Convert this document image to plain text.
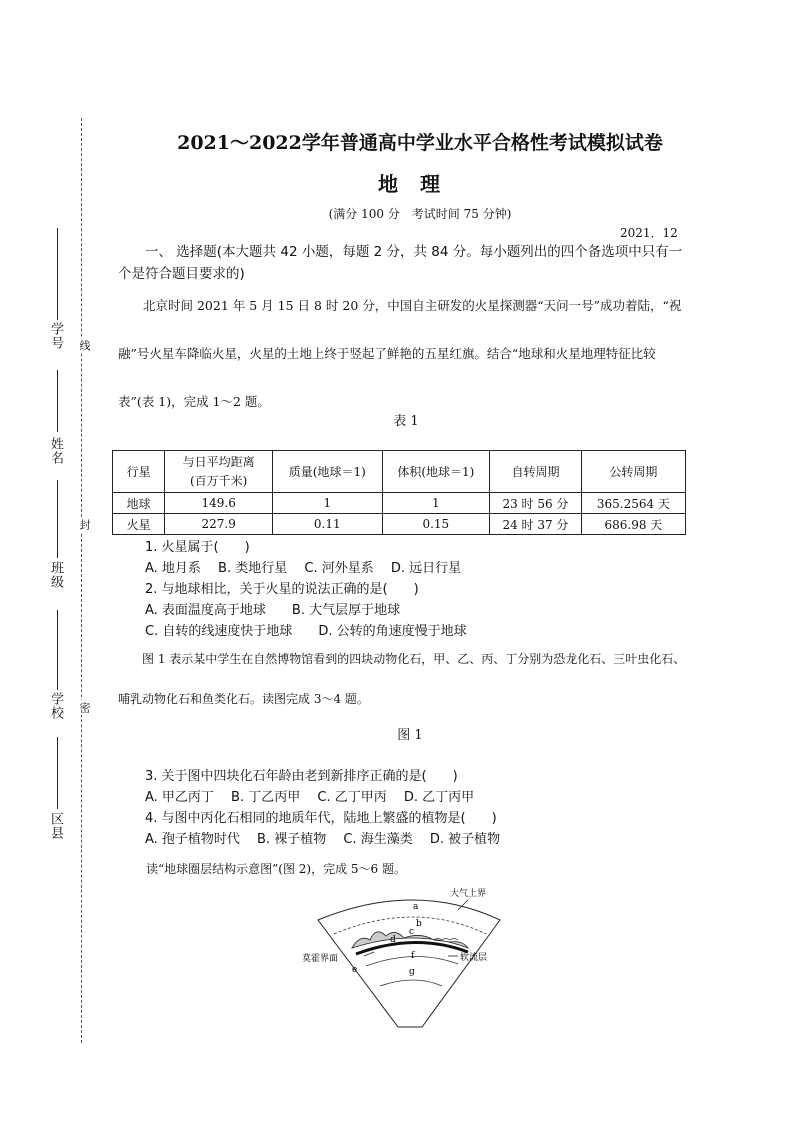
学号
姓名
班级
学校
区县
线
封
密
2021～2022学年普通高中学业水平合格性考试模拟试卷
地理
(满分 100 分　考试时间 75 分钟)
2021．12
一、 选择题(本大题共 42 小题，每题 2 分，共 84 分。每小题列出的四个备选项中只有一个是符合题目要求的)
北京时间 2021 年 5 月 15 日 8 时 20 分，中国自主研发的火星探测器“天问一号”成功着陆，“祝融”号火星车降临火星，火星的土地上终于竖起了鲜艳的五星红旗。结合“地球和火星地理特征比较表”(表 1)，完成 1～2 题。
表 1
行星	与日平均距离
(百万千米)	质量(地球＝1)	体积(地球＝1)	自转周期	公转周期
地球	149.6	1	1	23 时 56 分	365.2564 天
火星	227.9	0.11	0.15	24 时 37 分	686.98 天
1. 火星属于(　　)
A. 地月系　 B. 类地行星　 C. 河外星系　 D. 远日行星
2. 与地球相比，关于火星的说法正确的是(　　)
A. 表面温度高于地球　　B. 大气层厚于地球
C. 自转的线速度快于地球　　D. 公转的角速度慢于地球
图 1 表示某中学生在自然博物馆看到的四块动物化石，甲、乙、丙、丁分别为恐龙化石、三叶虫化石、哺乳动物化石和鱼类化石。读图完成 3～4 题。
图 1
3. 关于图中四块化石年龄由老到新排序正确的是(　　)
A. 甲乙丙丁　 B. 丁乙丙甲　 C. 乙丁甲丙　 D. 乙丁丙甲
4. 与图中丙化石相同的地质年代，陆地上繁盛的植物是(　　)
A. 孢子植物时代　 B. 裸子植物　 C. 海生藻类　 D. 被子植物
读“地球圈层结构示意图”(图 2)，完成 5～6 题。
大气上界
莫霍界面	软流层
a
b
c
d
e
f
g
